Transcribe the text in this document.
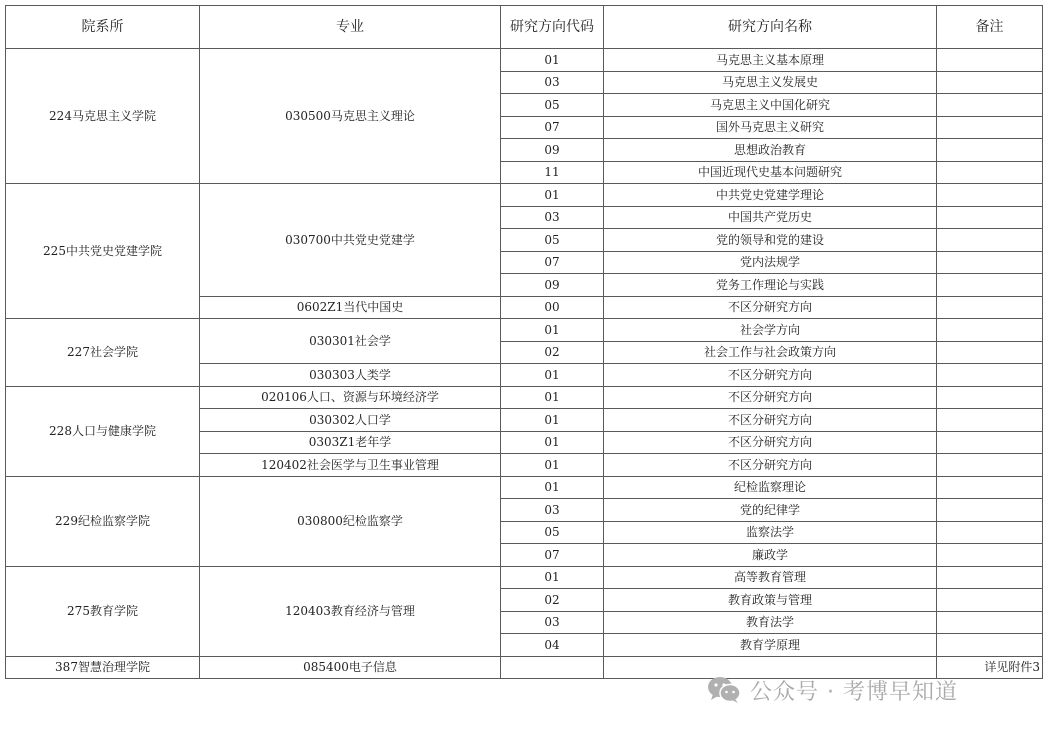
院系所	专业	研究方向代码	研究方向名称	备注
224马克思主义学院	030500马克思主义理论	01	马克思主义基本原理	
		03	马克思主义发展史	
		05	马克思主义中国化研究	
		07	国外马克思主义研究	
		09	思想政治教育	
		11	中国近现代史基本问题研究	
225中共党史党建学院	030700中共党史党建学	01	中共党史党建学理论	
		03	中国共产党历史	
		05	党的领导和党的建设	
		07	党内法规学	
		09	党务工作理论与实践	
	0602Z1当代中国史	00	不区分研究方向	
227社会学院	030301社会学	01	社会学方向	
		02	社会工作与社会政策方向	
	030303人类学	01	不区分研究方向	
228人口与健康学院	020106人口、资源与环境经济学	01	不区分研究方向	
	030302人口学	01	不区分研究方向	
	0303Z1老年学	01	不区分研究方向	
	120402社会医学与卫生事业管理	01	不区分研究方向	
229纪检监察学院	030800纪检监察学	01	纪检监察理论	
		03	党的纪律学	
		05	监察法学	
		07	廉政学	
275教育学院	120403教育经济与管理	01	高等教育管理	
		02	教育政策与管理	
		03	教育法学	
		04	教育学原理	
387智慧治理学院	085400电子信息			详见附件3
公众号 · 考博早知道
